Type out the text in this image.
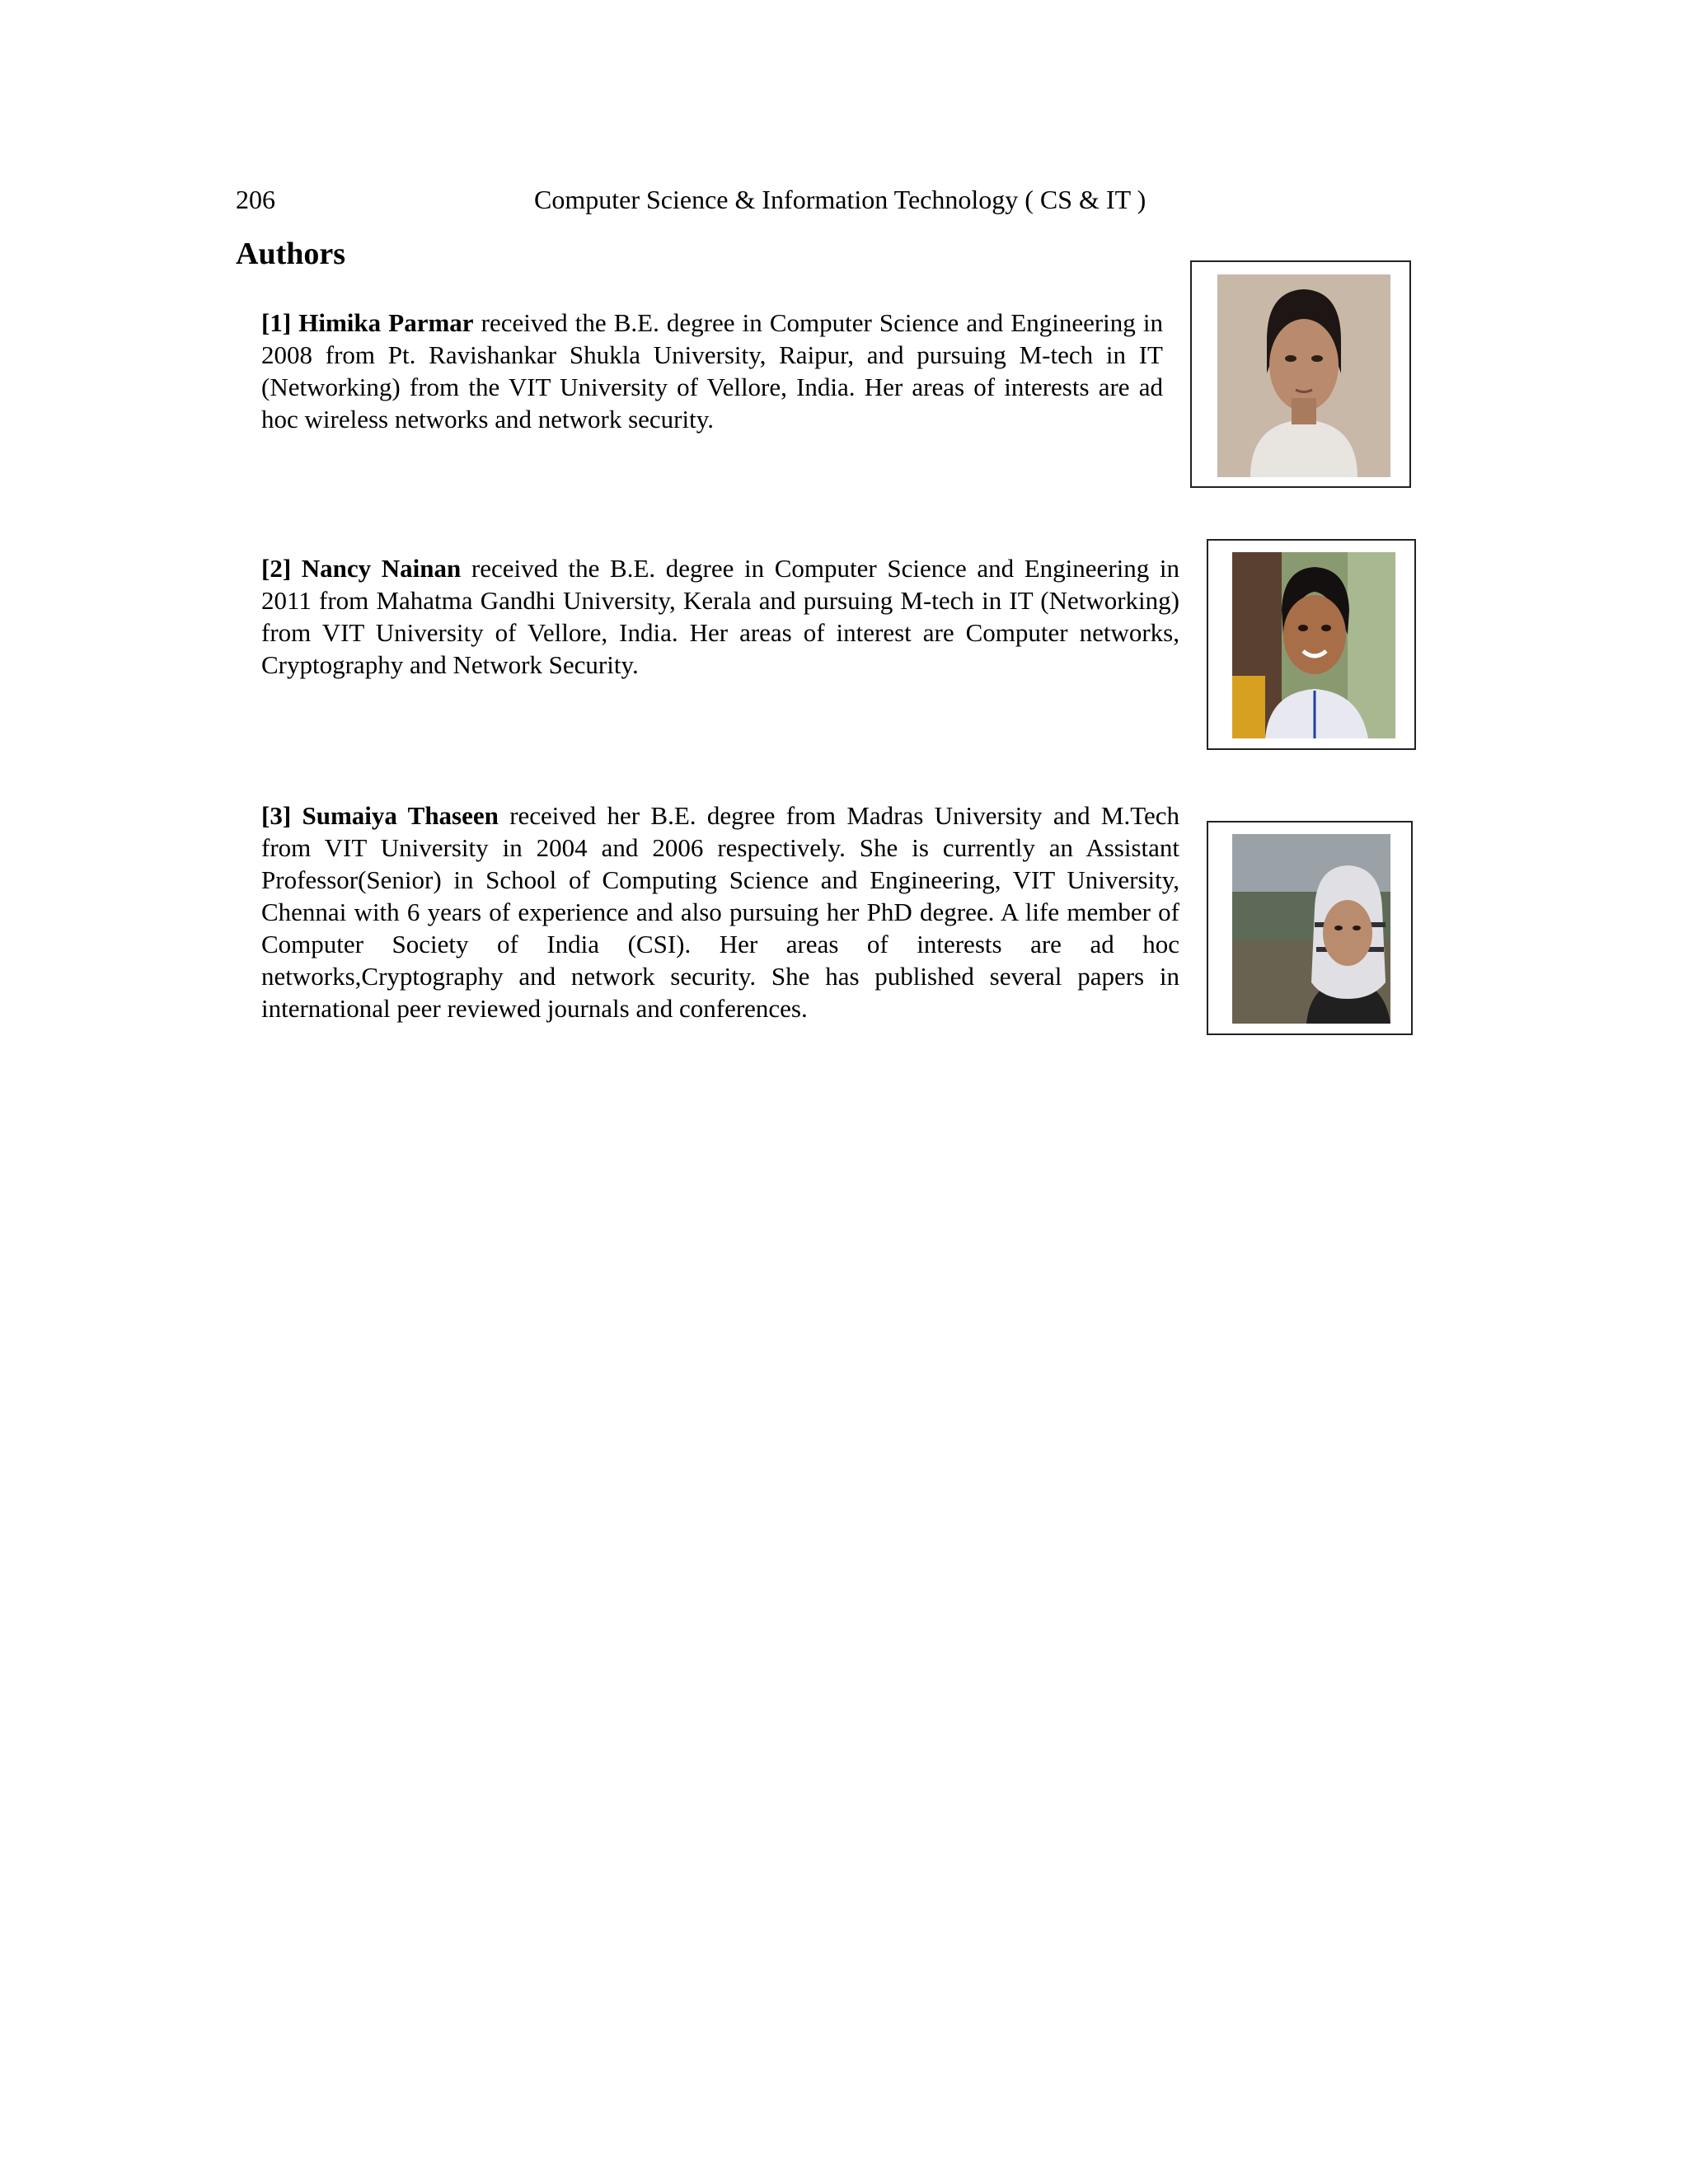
206	Computer Science & Information Technology ( CS & IT )
Authors

[1] Himika Parmar received the B.E. degree in Computer Science and Engineering in 2008 from Pt. Ravishankar Shukla University, Raipur, and pursuing M-tech in IT (Networking) from the VIT University of Vellore, India. Her areas of interests are ad hoc wireless networks and network security.

[2] Nancy Nainan received the B.E. degree in Computer Science and Engineering in 2011 from Mahatma Gandhi University, Kerala and pursuing M-tech in IT (Networking) from VIT University of Vellore, India. Her areas of interest are Computer networks, Cryptography and Network Security.

[3] Sumaiya Thaseen received her B.E. degree from Madras University and M.Tech from VIT University in 2004 and 2006 respectively. She is currently an Assistant Professor(Senior) in School of Computing Science and Engineering, VIT University, Chennai with 6 years of experience and also pursuing her PhD degree. A life member of Computer Society of India (CSI). Her areas of interests are ad hoc networks,Cryptography and network security. She has published several papers in international peer reviewed journals and conferences.
